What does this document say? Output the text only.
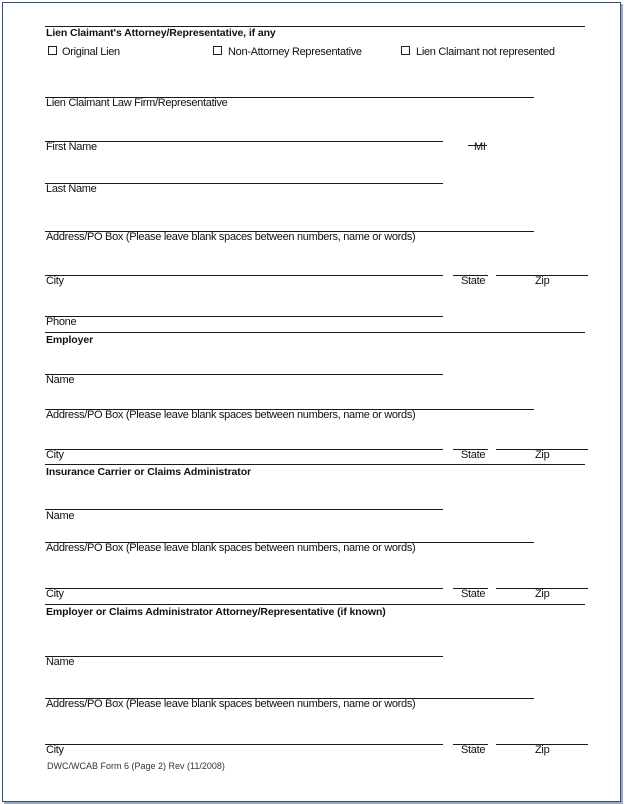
Lien Claimant's Attorney/Representative, if any
Original Lien	Non-Attorney Representative	Lien Claimant not represented
Lien Claimant Law Firm/Representative
First Name	MI
Last Name
Address/PO Box (Please leave blank spaces between numbers, name or words)
City	State	Zip
Phone
Employer
Name
Address/PO Box (Please leave blank spaces between numbers, name or words)
City	State	Zip
Insurance Carrier or Claims Administrator
Name
Address/PO Box (Please leave blank spaces between numbers, name or words)
City	State	Zip
Employer or Claims Administrator Attorney/Representative (if known)
Name
Address/PO Box (Please leave blank spaces between numbers, name or words)
City	State	Zip
DWC/WCAB Form 6 (Page 2) Rev (11/2008)
